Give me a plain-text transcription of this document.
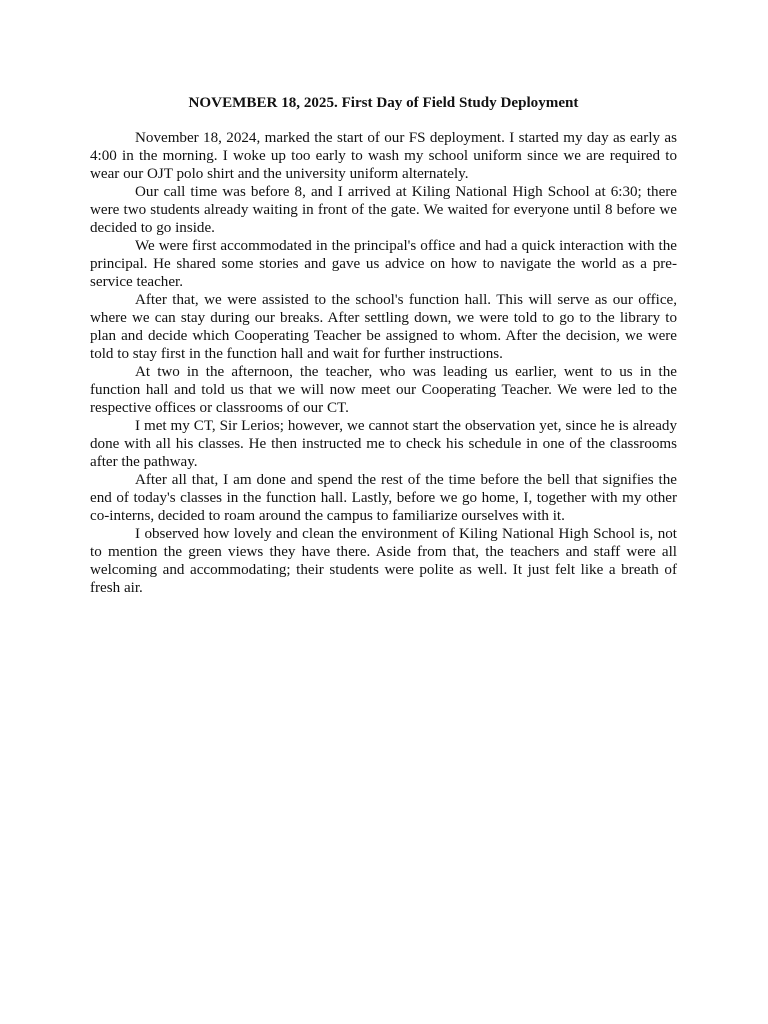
NOVEMBER 18, 2025. First Day of Field Study Deployment

November 18, 2024, marked the start of our FS deployment. I started my day as early as 4:00 in the morning. I woke up too early to wash my school uniform since we are required to wear our OJT polo shirt and the university uniform alternately.

Our call time was before 8, and I arrived at Kiling National High School at 6:30; there were two students already waiting in front of the gate. We waited for everyone until 8 before we decided to go inside.

We were first accommodated in the principal's office and had a quick interaction with the principal. He shared some stories and gave us advice on how to navigate the world as a pre-service teacher.

After that, we were assisted to the school's function hall. This will serve as our office, where we can stay during our breaks. After settling down, we were told to go to the library to plan and decide which Cooperating Teacher be assigned to whom. After the decision, we were told to stay first in the function hall and wait for further instructions.

At two in the afternoon, the teacher, who was leading us earlier, went to us in the function hall and told us that we will now meet our Cooperating Teacher. We were led to the respective offices or classrooms of our CT.

I met my CT, Sir Lerios; however, we cannot start the observation yet, since he is already done with all his classes. He then instructed me to check his schedule in one of the classrooms after the pathway.

After all that, I am done and spend the rest of the time before the bell that signifies the end of today's classes in the function hall. Lastly, before we go home, I, together with my other co-interns, decided to roam around the campus to familiarize ourselves with it.

I observed how lovely and clean the environment of Kiling National High School is, not to mention the green views they have there. Aside from that, the teachers and staff were all welcoming and accommodating; their students were polite as well. It just felt like a breath of fresh air.
